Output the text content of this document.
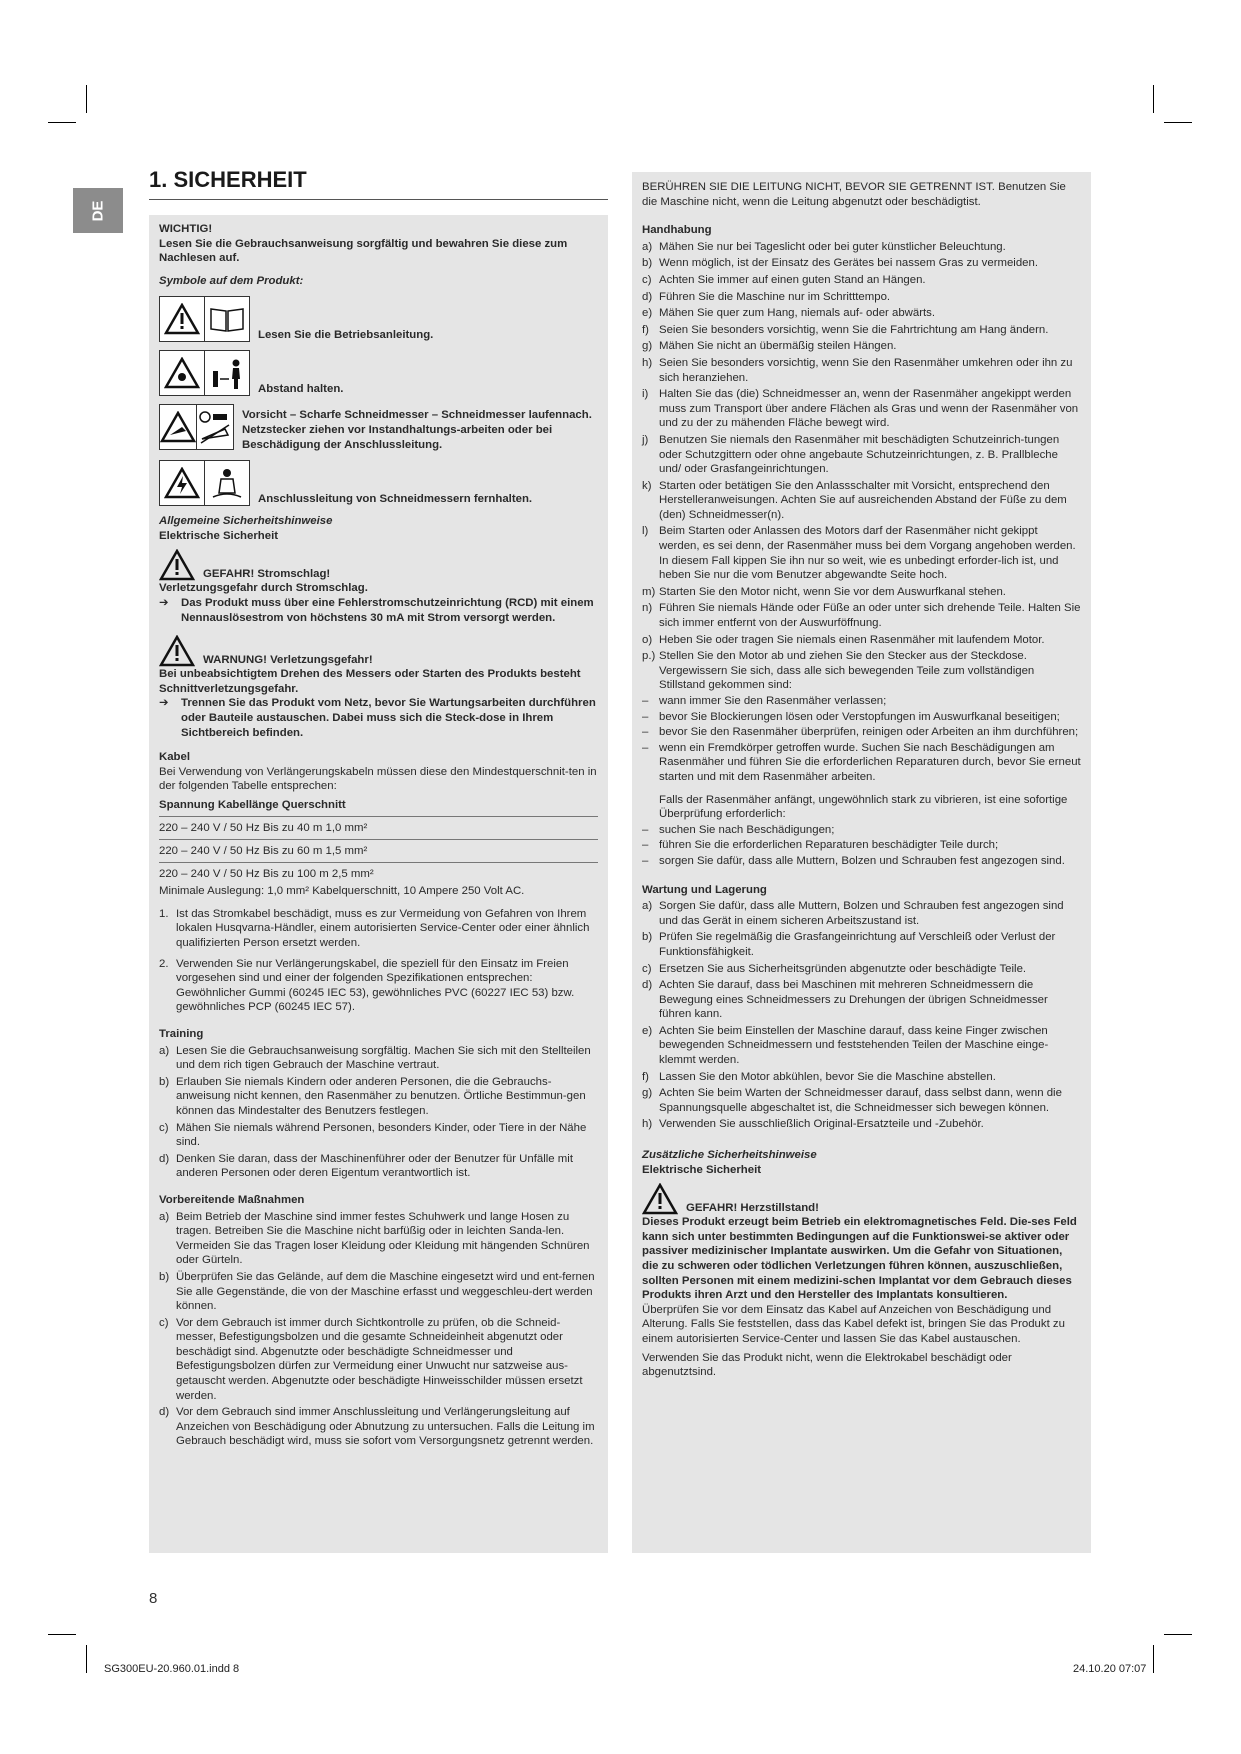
DE
1. SICHERHEIT

WICHTIG!

Lesen Sie die Gebrauchsanweisung sorgfältig und bewahren Sie diese zum Nachlesen auf.

Symbole auf dem Produkt:

Lesen Sie die Betriebsanleitung.
Abstand halten.
Vorsicht – Scharfe Schneidmesser – Schneidmesser laufennach. Netzstecker ziehen vor Instandhaltungs-arbeiten oder bei Beschädigung der Anschlussleitung.
Anschlussleitung von Schneidmessern fernhalten.

Allgemeine Sicherheitshinweise

Elektrische Sicherheit

GEFAHR! Stromschlag!

Verletzungsgefahr durch Stromschlag.

➔	Das Produkt muss über eine Fehlerstromschutzeinrichtung (RCD) mit einem Nennauslösestrom von höchstens 30 mA mit Strom versorgt werden.
WARNUNG! Verletzungsgefahr!

Bei unbeabsichtigtem Drehen des Messers oder Starten des Produkts besteht Schnittverletzungsgefahr.

➔	Trennen Sie das Produkt vom Netz, bevor Sie Wartungsarbeiten durchführen oder Bauteile austauschen. Dabei muss sich die Steck-dose in Ihrem Sichtbereich befinden.

Kabel

Bei Verwendung von Verlängerungskabeln müssen diese den Mindestquerschnit-ten in der folgenden Tabelle entsprechen:

Spannung Kabellänge Querschnitt

220 – 240 V / 50 Hz Bis zu 40 m 1,0 mm²
220 – 240 V / 50 Hz Bis zu 60 m 1,5 mm²
220 – 240 V / 50 Hz Bis zu 100 m 2,5 mm²

Minimale Auslegung: 1,0 mm² Kabelquerschnitt, 10 Ampere 250 Volt AC.

1. Ist das Stromkabel beschädigt, muss es zur Vermeidung von Gefahren von Ihrem lokalen Husqvarna-Händler, einem autorisierten Service-Center oder einer ähnlich qualifizierten Person ersetzt werden.
2. Verwenden Sie nur Verlängerungskabel, die speziell für den Einsatz im Freien vorgesehen sind und einer der folgenden Spezifikationen entsprechen: Gewöhnlicher Gummi (60245 IEC 53), gewöhnliches PVC (60227 IEC 53) bzw. gewöhnliches PCP (60245 IEC 57).

Training

a) Lesen Sie die Gebrauchsanweisung sorgfältig. Machen Sie sich mit den Stellteilen und dem rich tigen Gebrauch der Maschine vertraut.
b) Erlauben Sie niemals Kindern oder anderen Personen, die die Gebrauchs-anweisung nicht kennen, den Rasenmäher zu benutzen. Örtliche Bestimmun-gen können das Mindestalter des Benutzers festlegen.
c) Mähen Sie niemals während Personen, besonders Kinder, oder Tiere in der Nähe sind.
d) Denken Sie daran, dass der Maschinenführer oder der Benutzer für Unfälle mit anderen Personen oder deren Eigentum verantwortlich ist.

Vorbereitende Maßnahmen

a) Beim Betrieb der Maschine sind immer festes Schuhwerk und lange Hosen zu tragen. Betreiben Sie die Maschine nicht barfüßig oder in leichten Sanda-len. Vermeiden Sie das Tragen loser Kleidung oder Kleidung mit hängenden Schnüren oder Gürteln.
b) Überprüfen Sie das Gelände, auf dem die Maschine eingesetzt wird und ent-fernen Sie alle Gegenstände, die von der Maschine erfasst und weggeschleu-dert werden können.
c) Vor dem Gebrauch ist immer durch Sichtkontrolle zu prüfen, ob die Schneid-messer, Befestigungsbolzen und die gesamte Schneideinheit abgenutzt oder beschädigt sind. Abgenutzte oder beschädigte Schneidmesser und Befestigungsbolzen dürfen zur Vermeidung einer Unwucht nur satzweise aus-getauscht werden. Abgenutzte oder beschädigte Hinweisschilder müssen ersetzt werden.
d) Vor dem Gebrauch sind immer Anschlussleitung und Verlängerungsleitung auf Anzeichen von Beschädigung oder Abnutzung zu untersuchen. Falls die Leitung im Gebrauch beschädigt wird, muss sie sofort vom Versorgungsnetz getrennt werden.

BERÜHREN SIE DIE LEITUNG NICHT, BEVOR SIE GETRENNT IST. Benutzen Sie die Maschine nicht, wenn die Leitung abgenutzt oder beschädigtist.

Handhabung

a) Mähen Sie nur bei Tageslicht oder bei guter künstlicher Beleuchtung.
b) Wenn möglich, ist der Einsatz des Gerätes bei nassem Gras zu vermeiden.
c) Achten Sie immer auf einen guten Stand an Hängen.
d) Führen Sie die Maschine nur im Schritttempo.
e) Mähen Sie quer zum Hang, niemals auf- oder abwärts.
f) Seien Sie besonders vorsichtig, wenn Sie die Fahrtrichtung am Hang ändern.
g) Mähen Sie nicht an übermäßig steilen Hängen.
h) Seien Sie besonders vorsichtig, wenn Sie den Rasenmäher umkehren oder ihn zu sich heranziehen.
i) Halten Sie das (die) Schneidmesser an, wenn der Rasenmäher angekippt werden muss zum Transport über andere Flächen als Gras und wenn der Rasenmäher von und zu der zu mähenden Fläche bewegt wird.
j) Benutzen Sie niemals den Rasenmäher mit beschädigten Schutzeinrich-tungen oder Schutzgittern oder ohne angebaute Schutzeinrichtungen, z. B. Prallbleche und/ oder Grasfangeinrichtungen.
k) Starten oder betätigen Sie den Anlassschalter mit Vorsicht, entsprechend den Herstelleranweisungen. Achten Sie auf ausreichenden Abstand der Füße zu dem (den) Schneidmesser(n).
l) Beim Starten oder Anlassen des Motors darf der Rasenmäher nicht gekippt werden, es sei denn, der Rasenmäher muss bei dem Vorgang angehoben werden. In diesem Fall kippen Sie ihn nur so weit, wie es unbedingt erforder-lich ist, und heben Sie nur die vom Benutzer abgewandte Seite hoch.
m) Starten Sie den Motor nicht, wenn Sie vor dem Auswurfkanal stehen.
n) Führen Sie niemals Hände oder Füße an oder unter sich drehende Teile. Halten Sie sich immer entfernt von der Auswurföffnung.
o) Heben Sie oder tragen Sie niemals einen Rasenmäher mit laufendem Motor.
p.) Stellen Sie den Motor ab und ziehen Sie den Stecker aus der Steckdose. Vergewissern Sie sich, dass alle sich bewegenden Teile zum vollständigen Stillstand gekommen sind:
– wann immer Sie den Rasenmäher verlassen;
– bevor Sie Blockierungen lösen oder Verstopfungen im Auswurfkanal beseitigen;
– bevor Sie den Rasenmäher überprüfen, reinigen oder Arbeiten an ihm durchführen;
– wenn ein Fremdkörper getroffen wurde. Suchen Sie nach Beschädigungen am Rasenmäher und führen Sie die erforderlichen Reparaturen durch, bevor Sie erneut starten und mit dem Rasenmäher arbeiten.

Falls der Rasenmäher anfängt, ungewöhnlich stark zu vibrieren, ist eine sofortige Überprüfung erforderlich:

– suchen Sie nach Beschädigungen;
– führen Sie die erforderlichen Reparaturen beschädigter Teile durch;
– sorgen Sie dafür, dass alle Muttern, Bolzen und Schrauben fest angezogen sind.

Wartung und Lagerung

a) Sorgen Sie dafür, dass alle Muttern, Bolzen und Schrauben fest angezogen sind und das Gerät in einem sicheren Arbeitszustand ist.
b) Prüfen Sie regelmäßig die Grasfangeinrichtung auf Verschleiß oder Verlust der Funktionsfähigkeit.
c) Ersetzen Sie aus Sicherheitsgründen abgenutzte oder beschädigte Teile.
d) Achten Sie darauf, dass bei Maschinen mit mehreren Schneidmessern die Bewegung eines Schneidmessers zu Drehungen der übrigen Schneidmesser führen kann.
e) Achten Sie beim Einstellen der Maschine darauf, dass keine Finger zwischen bewegenden Schneidmessern und feststehenden Teilen der Maschine einge-klemmt werden.
f) Lassen Sie den Motor abkühlen, bevor Sie die Maschine abstellen.
g) Achten Sie beim Warten der Schneidmesser darauf, dass selbst dann, wenn die Spannungsquelle abgeschaltet ist, die Schneidmesser sich bewegen können.
h) Verwenden Sie ausschließlich Original-Ersatzteile und -Zubehör.

Zusätzliche Sicherheitshinweise

Elektrische Sicherheit

GEFAHR! Herzstillstand!

Dieses Produkt erzeugt beim Betrieb ein elektromagnetisches Feld. Die-ses Feld kann sich unter bestimmten Bedingungen auf die Funktionswei-se aktiver oder passiver medizinischer Implantate auswirken. Um die Gefahr von Situationen, die zu schweren oder tödlichen Verletzungen führen können, auszuschließen, sollten Personen mit einem medizini-schen Implantat vor dem Gebrauch dieses Produkts ihren Arzt und den Hersteller des Implantats konsultieren.

Überprüfen Sie vor dem Einsatz das Kabel auf Anzeichen von Beschädigung und Alterung. Falls Sie feststellen, dass das Kabel defekt ist, bringen Sie das Produkt zu einem autorisierten Service-Center und lassen Sie das Kabel austauschen.

Verwenden Sie das Produkt nicht, wenn die Elektrokabel beschädigt oder abgenutztsind.

8
SG300EU-20.960.01.indd 8	24.10.20 07:07
